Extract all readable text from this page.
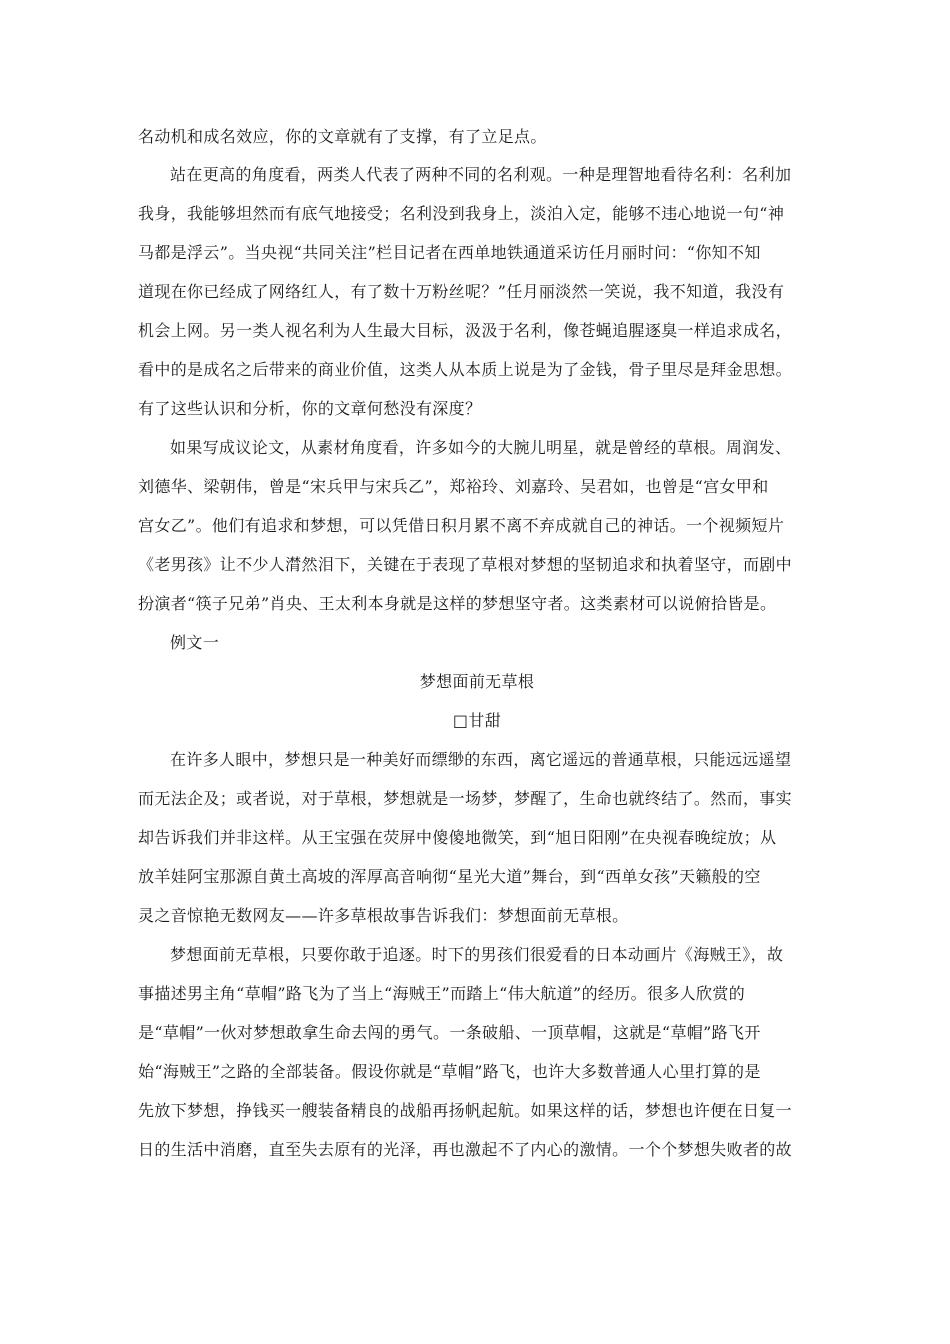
名动机和成名效应，你的文章就有了支撑，有了立足点。
站在更高的角度看，两类人代表了两种不同的名利观。一种是理智地看待名利：名利加
我身，我能够坦然而有底气地接受；名利没到我身上，淡泊入定，能够不违心地说一句“神
马都是浮云”。当央视“共同关注”栏目记者在西单地铁通道采访任月丽时问：“你知不知
道现在你已经成了网络红人，有了数十万粉丝呢？”任月丽淡然一笑说，我不知道，我没有
机会上网。另一类人视名利为人生最大目标，汲汲于名利，像苍蝇追腥逐臭一样追求成名，
看中的是成名之后带来的商业价值，这类人从本质上说是为了金钱，骨子里尽是拜金思想。
有了这些认识和分析，你的文章何愁没有深度？
如果写成议论文，从素材角度看，许多如今的大腕儿明星，就是曾经的草根。周润发、
刘德华、梁朝伟，曾是“宋兵甲与宋兵乙”，郑裕玲、刘嘉玲、吴君如，也曾是“宫女甲和
宫女乙”。他们有追求和梦想，可以凭借日积月累不离不弃成就自己的神话。一个视频短片
《老男孩》让不少人潸然泪下，关键在于表现了草根对梦想的坚韧追求和执着坚守，而剧中
扮演者“筷子兄弟”肖央、王太利本身就是这样的梦想坚守者。这类素材可以说俯拾皆是。
例文一
梦想面前无草根
□甘甜
在许多人眼中，梦想只是一种美好而缥缈的东西，离它遥远的普通草根，只能远远遥望
而无法企及；或者说，对于草根，梦想就是一场梦，梦醒了，生命也就终结了。然而，事实
却告诉我们并非这样。从王宝强在荧屏中傻傻地微笑，到“旭日阳刚”在央视春晚绽放；从
放羊娃阿宝那源自黄土高坡的浑厚高音响彻“星光大道”舞台，到“西单女孩”天籁般的空
灵之音惊艳无数网友——许多草根故事告诉我们：梦想面前无草根。
梦想面前无草根，只要你敢于追逐。时下的男孩们很爱看的日本动画片《海贼王》，故
事描述男主角“草帽”路飞为了当上“海贼王”而踏上“伟大航道”的经历。很多人欣赏的
是“草帽”一伙对梦想敢拿生命去闯的勇气。一条破船、一顶草帽，这就是“草帽”路飞开
始“海贼王”之路的全部装备。假设你就是“草帽”路飞，也许大多数普通人心里打算的是
先放下梦想，挣钱买一艘装备精良的战船再扬帆起航。如果这样的话，梦想也许便在日复一
日的生活中消磨，直至失去原有的光泽，再也激起不了内心的激情。一个个梦想失败者的故
